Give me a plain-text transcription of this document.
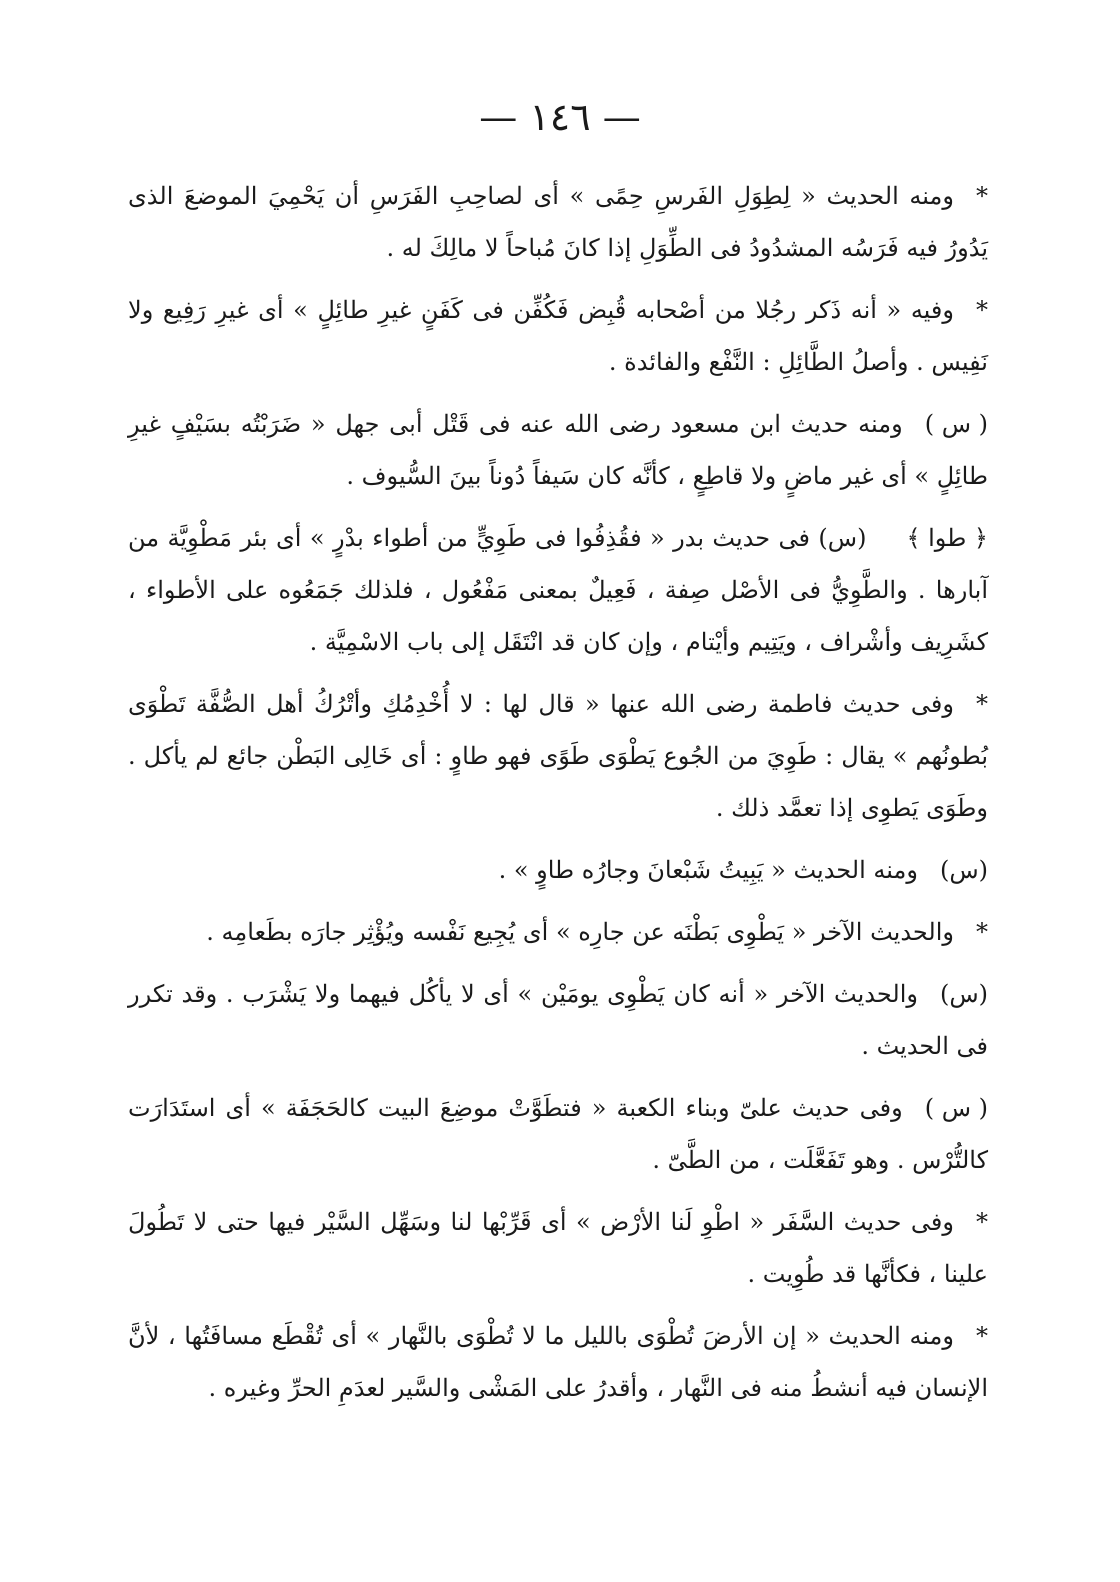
— ١٤٦ —

*ومنه الحديث « لِطِوَلِ الفَرسِ حِمًى » أى لصاحِبِ الفَرَسِ أن يَحْمِيَ الموضعَ الذى يَدُورُ فيه فَرَسُه المشدُودُ فى الطِّوَلِ إذا كانَ مُباحاً لا مالِكَ له .

*وفيه « أنه ذَكر رجُلا من أصْحابه قُبِض فَكُفِّن فى كَفَنٍ غيرِ طائِلٍ » أى غيرِ رَفِيع ولا نَفِيس . وأصلُ الطَّائِلِ : النَّفْع والفائدة .

( س )ومنه حديث ابن مسعود رضى الله عنه فى قَتْل أبى جهل « ضَرَبْتُه بسَيْفٍ غيرِ طائِلٍ » أى غير ماضٍ ولا قاطِعٍ ، كأنَّه كان سَيفاً دُوناً بينَ السُّيوف .

﴿ طوا ﴾(س) فى حديث بدر « فقُذِفُوا فى طَوِيٍّ من أطواء بدْرٍ » أى بئر مَطْوِيَّة من آبارها . والطَّوِيُّ فى الأصْل صِفة ، فَعِيلٌ بمعنى مَفْعُول ، فلذلك جَمَعُوه على الأطواء ، كشَرِيف وأشْراف ، ويَتِيم وأيْتام ، وإن كان قد انْتَقَل إلى باب الاسْمِيَّة .

*وفى حديث فاطمة رضى الله عنها « قال لها : لا أُخْدِمُكِ وأتْرُكُ أهل الصُّفَّة تَطْوَى بُطونُهم » يقال : طَوِيَ من الجُوع يَطْوَى طَوًى فهو طاوٍ : أى خَالِى البَطْن جائع لم يأكل . وطَوَى يَطوِى إذا تعمَّد ذلك .

(س)ومنه الحديث « يَبِيتُ شَبْعانَ وجارُه طاوٍ » .

*والحديث الآخر « يَطْوِى بَطْنَه عن جارِه » أى يُجِيع نَفْسه ويُؤْثِر جارَه بطَعامِه .

(س)والحديث الآخر « أنه كان يَطْوِى يومَيْن » أى لا يأكُل فيهما ولا يَشْرَب . وقد تكرر فى الحديث .

( س )وفى حديث علىّ وبناء الكعبة « فتطَوَّتْ موضِعَ البيت كالحَجَفَة » أى استَدَارَت كالتُّرْس . وهو تَفَعَّلَت ، من الطَّىّ .

*وفى حديث السَّفَر « اطْوِ لَنا الأرْض » أى قَرِّبْها لنا وسَهِّل السَّيْر فيها حتى لا تَطُولَ علينا ، فكأنَّها قد طُوِيت .

*ومنه الحديث « إن الأرضَ تُطْوَى بالليل ما لا تُطْوَى بالنَّهار » أى تُقْطَع مسافَتُها ، لأنَّ الإنسان فيه أنشطُ منه فى النَّهار ، وأقدرُ على المَشْى والسَّير لعدَمِ الحرِّ وغيره .
